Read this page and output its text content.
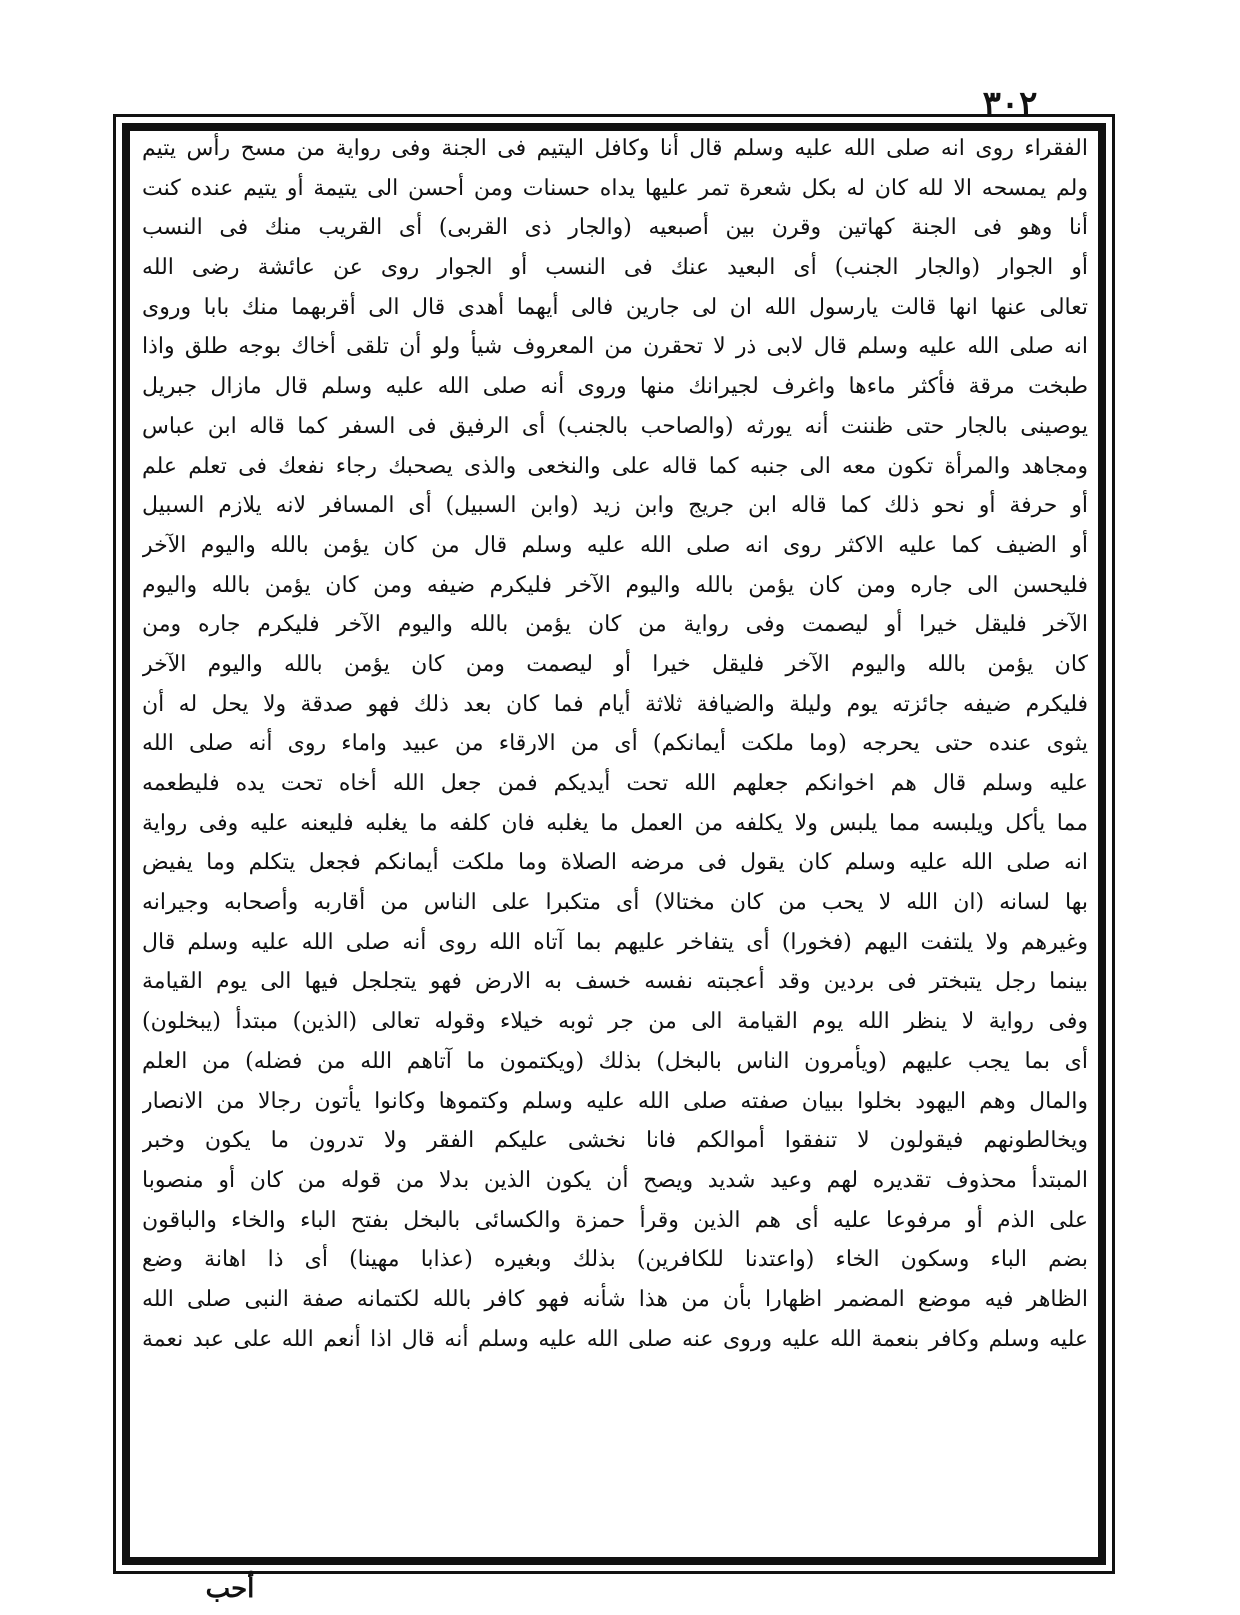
٣٠٢
الفقراء روى انه صلى الله عليه وسلم قال أنا وكافل اليتيم فى الجنة وفى رواية من مسح رأس يتيم
ولم يمسحه الا لله كان له بكل شعرة تمر عليها يداه حسنات ومن أحسن الى يتيمة أو يتيم عنده كنت
أنا وهو فى الجنة كهاتين وقرن بين أصبعيه (والجار ذى القربى) أى القريب منك فى النسب
أو الجوار (والجار الجنب) أى البعيد عنك فى النسب أو الجوار روى عن عائشة رضى الله
تعالى عنها انها قالت يارسول الله ان لى جارين فالى أيهما أهدى قال الى أقربهما منك بابا وروى
انه صلى الله عليه وسلم قال لابى ذر لا تحقرن من المعروف شيأ ولو أن تلقى أخاك بوجه طلق واذا
طبخت مرقة فأكثر ماءها واغرف لجيرانك منها وروى أنه صلى الله عليه وسلم قال مازال جبريل
يوصينى بالجار حتى ظننت أنه يورثه (والصاحب بالجنب) أى الرفيق فى السفر كما قاله ابن عباس
ومجاهد والمرأة تكون معه الى جنبه كما قاله على والنخعى والذى يصحبك رجاء نفعك فى تعلم علم
أو حرفة أو نحو ذلك كما قاله ابن جريج وابن زيد (وابن السبيل) أى المسافر لانه يلازم السبيل
أو الضيف كما عليه الاكثر روى انه صلى الله عليه وسلم قال من كان يؤمن بالله واليوم الآخر
فليحسن الى جاره ومن كان يؤمن بالله واليوم الآخر فليكرم ضيفه ومن كان يؤمن بالله واليوم
الآخر فليقل خيرا أو ليصمت وفى رواية من كان يؤمن بالله واليوم الآخر فليكرم جاره ومن
كان يؤمن بالله واليوم الآخر فليقل خيرا أو ليصمت ومن كان يؤمن بالله واليوم الآخر
فليكرم ضيفه جائزته يوم وليلة والضيافة ثلاثة أيام فما كان بعد ذلك فهو صدقة ولا يحل له أن
يثوى عنده حتى يحرجه (وما ملكت أيمانكم) أى من الارقاء من عبيد واماء روى أنه صلى الله
عليه وسلم قال هم اخوانكم جعلهم الله تحت أيديكم فمن جعل الله أخاه تحت يده فليطعمه
مما يأكل ويلبسه مما يلبس ولا يكلفه من العمل ما يغلبه فان كلفه ما يغلبه فليعنه عليه وفى رواية
انه صلى الله عليه وسلم كان يقول فى مرضه الصلاة وما ملكت أيمانكم فجعل يتكلم وما يفيض
بها لسانه (ان الله لا يحب من كان مختالا) أى متكبرا على الناس من أقاربه وأصحابه وجيرانه
وغيرهم ولا يلتفت اليهم (فخورا) أى يتفاخر عليهم بما آتاه الله روى أنه صلى الله عليه وسلم قال
بينما رجل يتبختر فى بردين وقد أعجبته نفسه خسف به الارض فهو يتجلجل فيها الى يوم القيامة
وفى رواية لا ينظر الله يوم القيامة الى من جر ثوبه خيلاء وقوله تعالى (الذين) مبتدأ (يبخلون)
أى بما يجب عليهم (ويأمرون الناس بالبخل) بذلك (ويكتمون ما آتاهم الله من فضله) من العلم
والمال وهم اليهود بخلوا ببيان صفته صلى الله عليه وسلم وكتموها وكانوا يأتون رجالا من الانصار
ويخالطونهم فيقولون لا تنفقوا أموالكم فانا نخشى عليكم الفقر ولا تدرون ما يكون وخبر
المبتدأ محذوف تقديره لهم وعيد شديد ويصح أن يكون الذين بدلا من قوله من كان أو منصوبا
على الذم أو مرفوعا عليه أى هم الذين وقرأ حمزة والكسائى بالبخل بفتح الباء والخاء والباقون
بضم الباء وسكون الخاء (واعتدنا للكافرين) بذلك وبغيره (عذابا مهينا) أى ذا اهانة وضع
الظاهر فيه موضع المضمر اظهارا بأن من هذا شأنه فهو كافر بالله لكتمانه صفة النبى صلى الله
عليه وسلم وكافر بنعمة الله عليه وروى عنه صلى الله عليه وسلم أنه قال اذا أنعم الله على عبد نعمة
أحب
